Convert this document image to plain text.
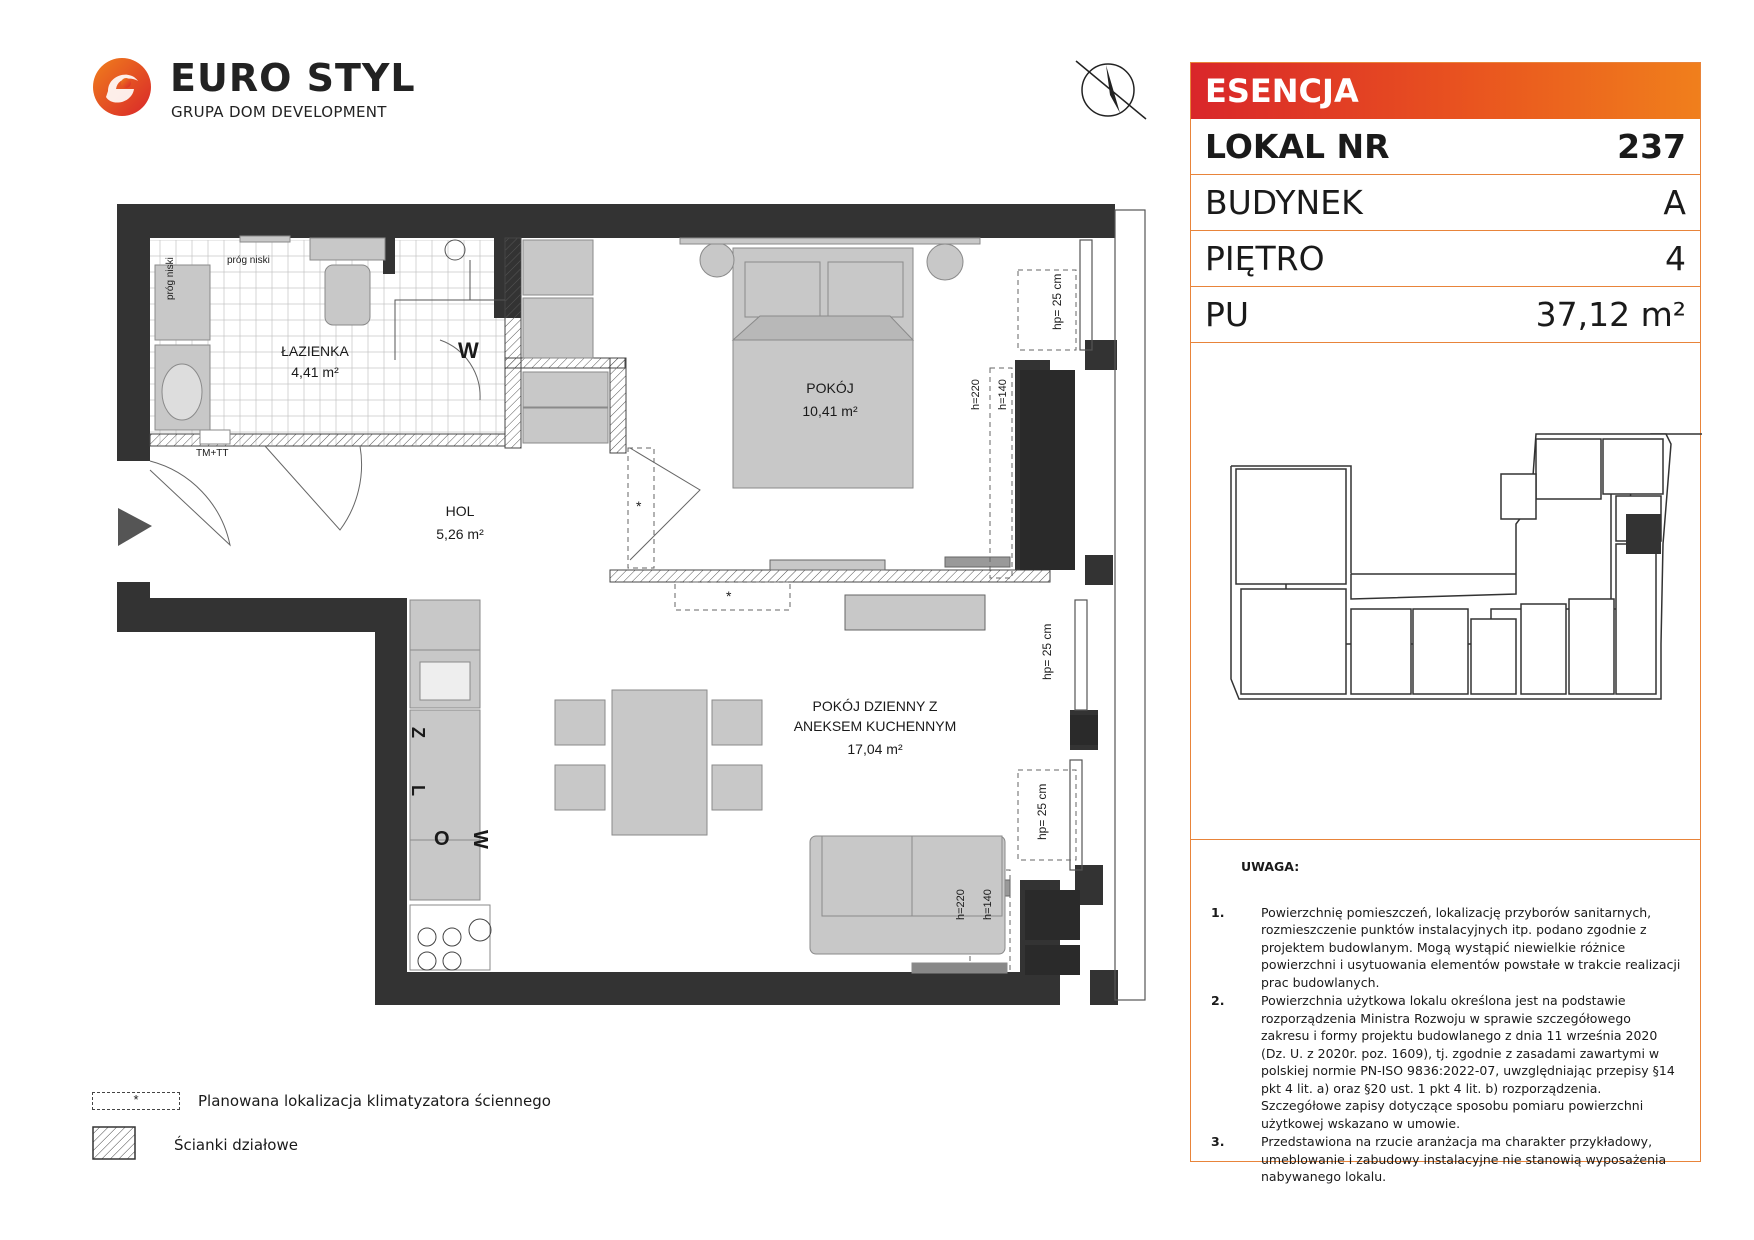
EURO STYL
GRUPA DOM DEVELOPMENT
ŁAZIENKA
4,41 m²
POKÓJ
10,41 m²
HOL
5,26 m²
POKÓJ DZIENNY Z
ANEKSEM KUCHENNYM
17,04 m²
próg niski
próg niski
TM+TT
hp= 25 cm
hp= 25 cm
hp= 25 cm
h=220 h=140
h=220 h=140
W
W
O
Z
L
*
*
*	Planowana lokalizacja klimatyzatora ściennego
Ścianki działowe
ESENCJA
LOKAL NR	237
BUDYNEK	A
PIĘTRO	4
PU	37,12 m²
UWAGA:
1.	Powierzchnię pomieszczeń, lokalizację przyborów sanitarnych, rozmieszczenie punktów instalacyjnych itp. podano zgodnie z projektem budowlanym. Mogą wystąpić niewielkie różnice powierzchni i usytuowania elementów powstałe w trakcie realizacji prac budowlanych.
2.	Powierzchnia użytkowa lokalu określona jest na podstawie rozporządzenia Ministra Rozwoju w sprawie szczegółowego zakresu i formy projektu budowlanego z dnia 11 września 2020 (Dz. U. z 2020r. poz. 1609), tj. zgodnie z zasadami zawartymi w polskiej normie PN-ISO 9836:2022-07, uwzględniając przepisy §14 pkt 4 lit. a) oraz §20 ust. 1 pkt 4 lit. b) rozporządzenia. Szczegółowe zapisy dotyczące sposobu pomiaru powierzchni użytkowej wskazano w umowie.
3.	Przedstawiona na rzucie aranżacja ma charakter przykładowy, umeblowanie i zabudowy instalacyjne nie stanowią wyposażenia nabywanego lokalu.
